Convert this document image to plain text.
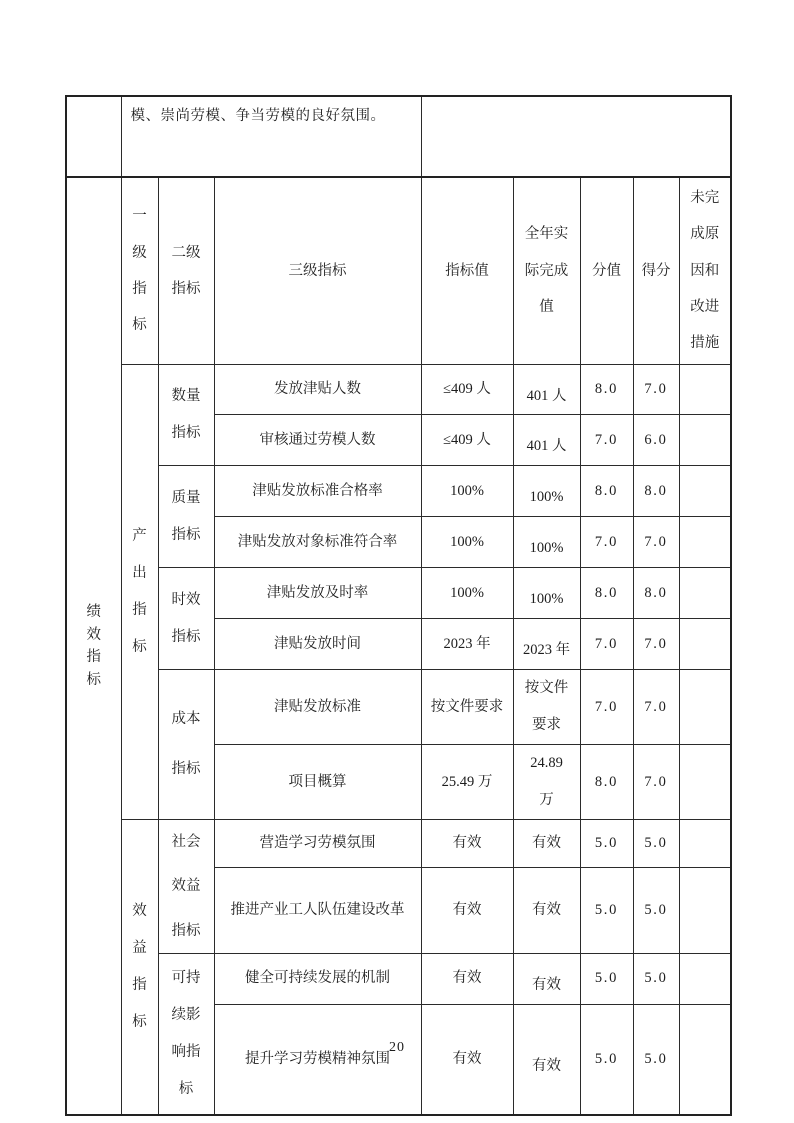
模、崇尚劳模、争当劳模的良好氛围。

绩效指标	一级指标	二级指标	三级指标	指标值	全年实际完成值	分值	得分	未完成原因和改进措施

	产出指标	数量指标	发放津贴人数	≤409 人	401 人	8.0	7.0	
			审核通过劳模人数	≤409 人	401 人	7.0	6.0	

		质量指标	津贴发放标准合格率	100%	100%	8.0	8.0	
			津贴发放对象标准符合率	100%	100%	7.0	7.0	

		时效指标	津贴发放及时率	100%	100%	8.0	8.0	
			津贴发放时间	2023 年	2023 年	7.0	7.0	

		成本指标	津贴发放标准	按文件要求	按文件要求	7.0	7.0	
			项目概算	25.49 万	24.89 万	8.0	7.0	

	效益指标	社会效益指标	营造学习劳模氛围	有效	有效	5.0	5.0	
			推进产业工人队伍建设改革	有效	有效	5.0	5.0	

		可持续影响指标	健全可持续发展的机制	有效	有效	5.0	5.0	
			提升学习劳模精神氛围	有效	有效	5.0	5.0	
20
